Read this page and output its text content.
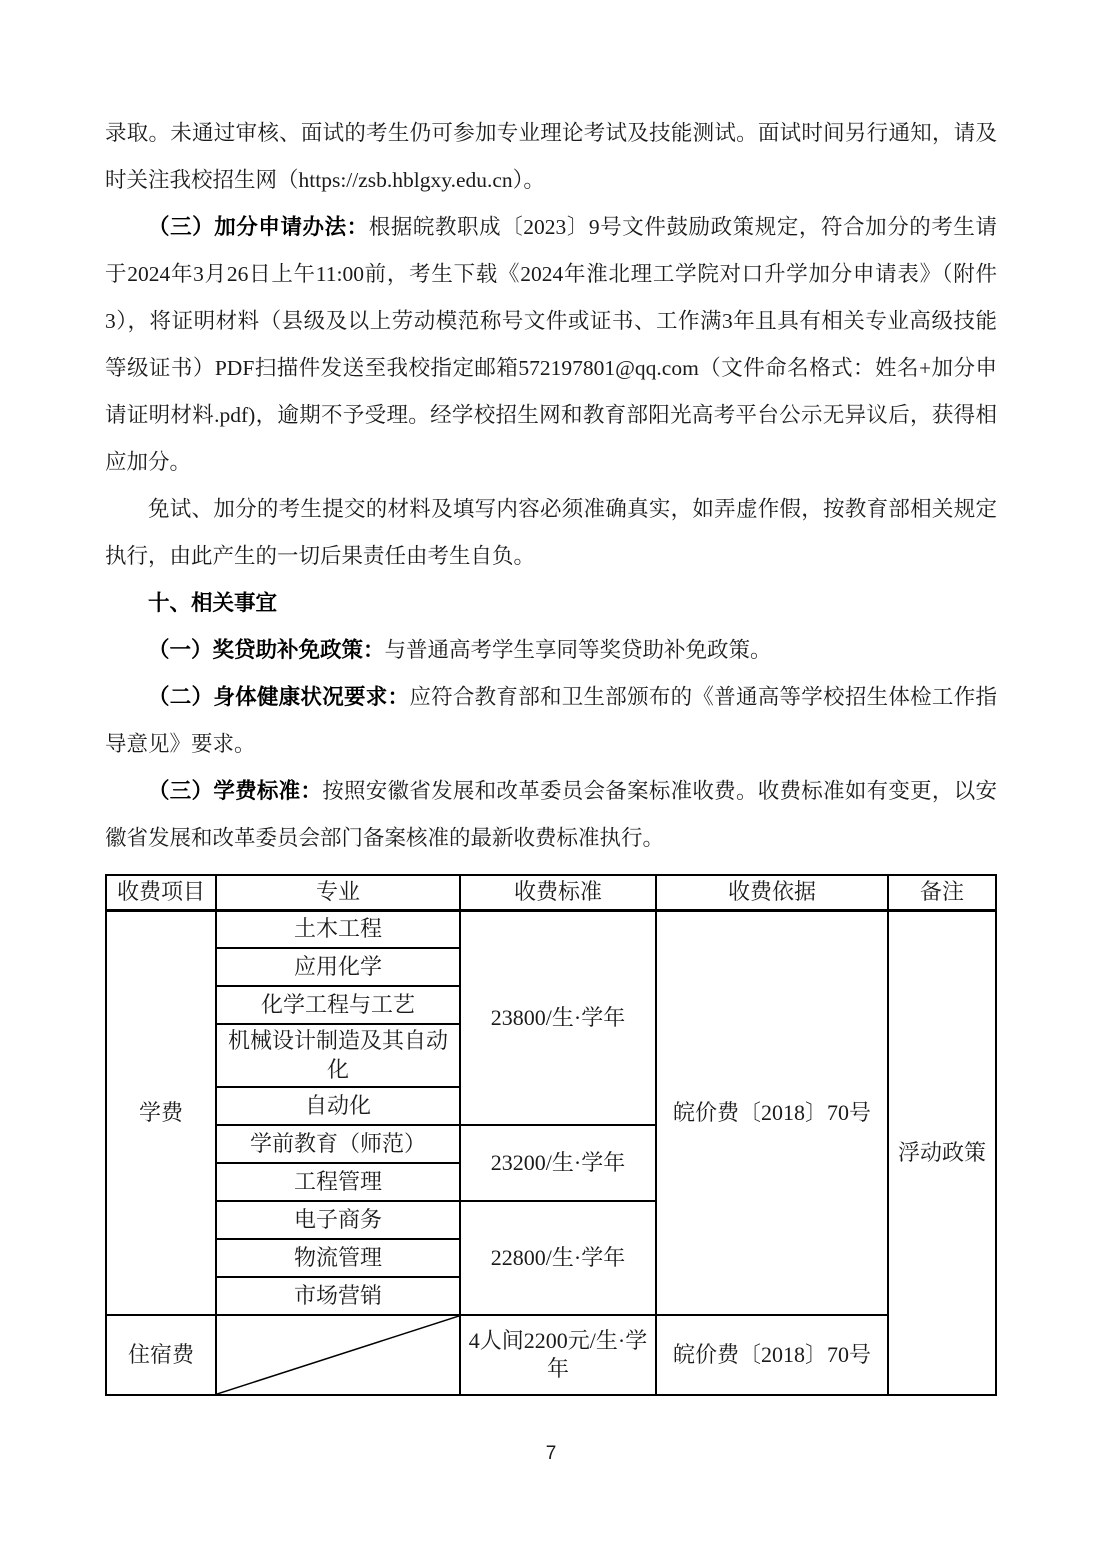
录取。未通过审核、面试的考生仍可参加专业理论考试及技能测试。面试时间另行通知，请及时关注我校招生网（https://zsb.hblgxy.edu.cn）。

（三）加分申请办法：根据皖教职成〔2023〕9号文件鼓励政策规定，符合加分的考生请于2024年3月26日上午11:00前，考生下载《2024年淮北理工学院对口升学加分申请表》（附件3），将证明材料（县级及以上劳动模范称号文件或证书、工作满3年且具有相关专业高级技能等级证书）PDF扫描件发送至我校指定邮箱572197801@qq.com（文件命名格式：姓名+加分申请证明材料.pdf)，逾期不予受理。经学校招生网和教育部阳光高考平台公示无异议后，获得相应加分。

免试、加分的考生提交的材料及填写内容必须准确真实，如弄虚作假，按教育部相关规定执行，由此产生的一切后果责任由考生自负。

十、相关事宜

（一）奖贷助补免政策：与普通高考学生享同等奖贷助补免政策。

（二）身体健康状况要求：应符合教育部和卫生部颁布的《普通高等学校招生体检工作指导意见》要求。

（三）学费标准：按照安徽省发展和改革委员会备案标准收费。收费标准如有变更，以安徽省发展和改革委员会部门备案核准的最新收费标准执行。

收费项目	专业	收费标准	收费依据	备注
学费	土木工程	23800/生·学年	皖价费〔2018〕70号	浮动政策
	应用化学			
	化学工程与工艺			
	机械设计制造及其自动化			
	自动化			
	学前教育（师范）	23200/生·学年		
	工程管理			
	电子商务	22800/生·学年		
	物流管理			
	市场营销			
住宿费		4人间2200元/生·学年	皖价费〔2018〕70号	
7
